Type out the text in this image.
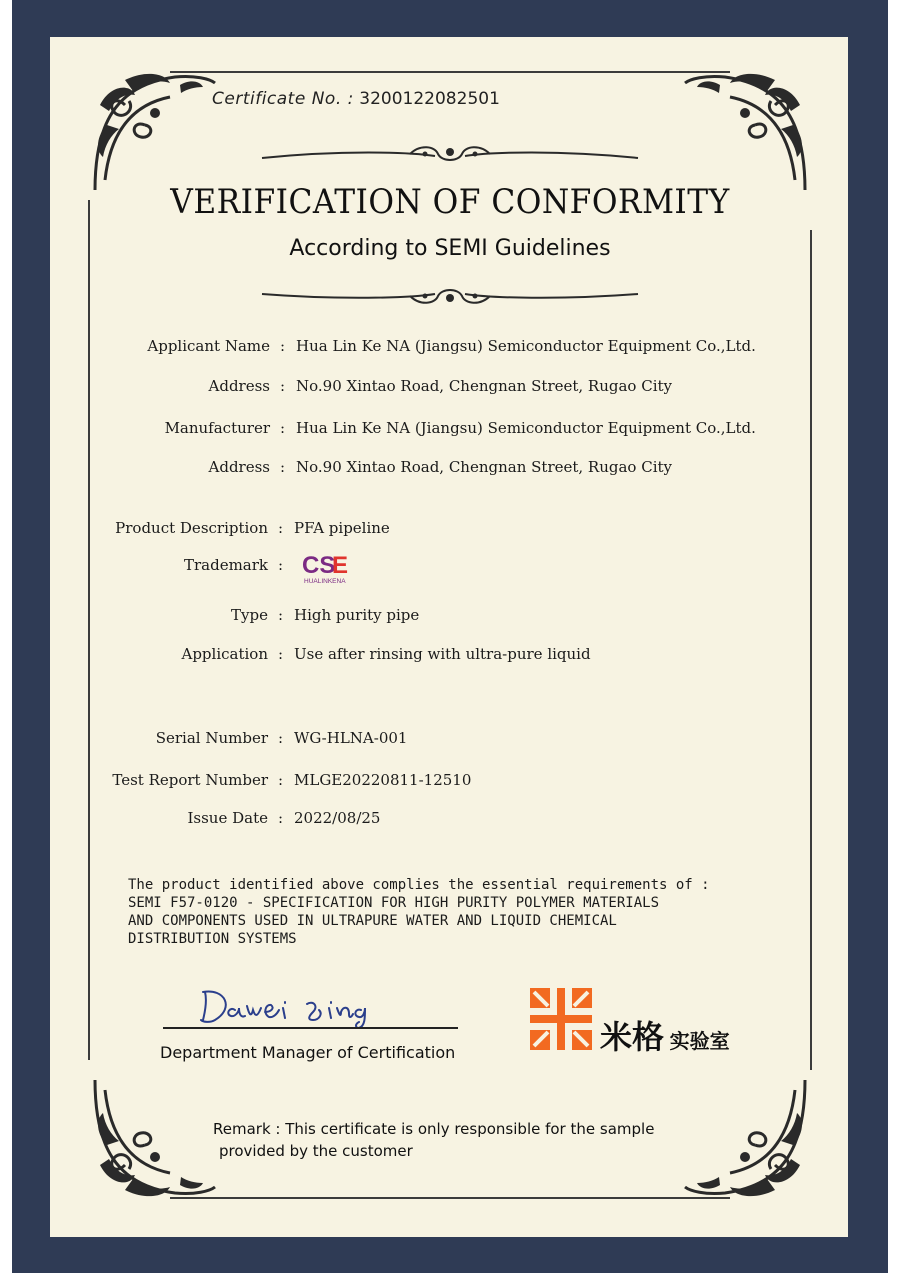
Certificate No. : 3200122082501
VERIFICATION OF CONFORMITY
According to SEMI Guidelines
Applicant Name : Hua Lin Ke NA (Jiangsu) Semiconductor Equipment Co.,Ltd.
Address : No.90 Xintao Road, Chengnan Street, Rugao City
Manufacturer : Hua Lin Ke NA (Jiangsu) Semiconductor Equipment Co.,Ltd.
Address : No.90 Xintao Road, Chengnan Street, Rugao City
Product Description : PFA pipeline
Trademark : CS
E
HUALINKENA
Type : High purity pipe
Application : Use after rinsing with ultra-pure liquid
Serial Number : WG-HLNA-001
Test Report Number : MLGE20220811-12510
Issue Date : 2022/08/25
The product identified above complies the essential requirements of :
SEMI F57-0120 - SPECIFICATION FOR HIGH PURITY POLYMER MATERIALS
AND COMPONENTS USED IN ULTRAPURE WATER AND LIQUID CHEMICAL
DISTRIBUTION SYSTEMS
Department Manager of Certification	米格 实验室
Remark : This certificate is only responsible for the sample
provided by the customer
